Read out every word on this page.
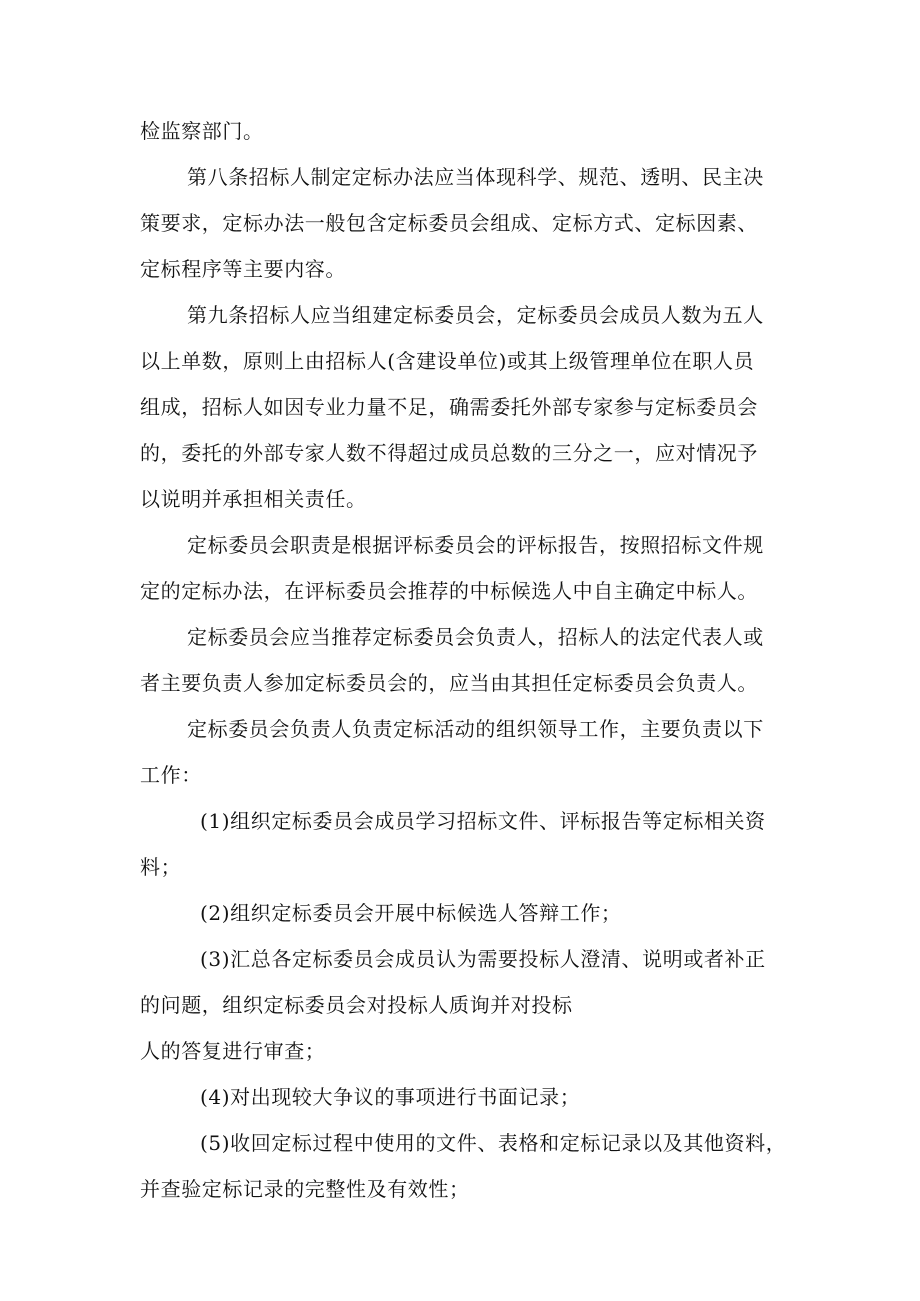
检监察部门。
第八条招标人制定定标办法应当体现科学、规范、透明、民主决
策要求，定标办法一般包含定标委员会组成、定标方式、定标因素、
定标程序等主要内容。
第九条招标人应当组建定标委员会，定标委员会成员人数为五人
以上单数，原则上由招标人(含建设单位)或其上级管理单位在职人员
组成，招标人如因专业力量不足，确需委托外部专家参与定标委员会
的，委托的外部专家人数不得超过成员总数的三分之一，应对情况予
以说明并承担相关责任。
定标委员会职责是根据评标委员会的评标报告，按照招标文件规
定的定标办法，在评标委员会推荐的中标候选人中自主确定中标人。
定标委员会应当推荐定标委员会负责人，招标人的法定代表人或
者主要负责人参加定标委员会的，应当由其担任定标委员会负责人。
定标委员会负责人负责定标活动的组织领导工作，主要负责以下
工作：
(1)组织定标委员会成员学习招标文件、评标报告等定标相关资
料；
(2)组织定标委员会开展中标候选人答辩工作；
(3)汇总各定标委员会成员认为需要投标人澄清、说明或者补正
的问题，组织定标委员会对投标人质询并对投标
人的答复进行审查；
(4)对出现较大争议的事项进行书面记录；
(5)收回定标过程中使用的文件、表格和定标记录以及其他资料，
并查验定标记录的完整性及有效性；
